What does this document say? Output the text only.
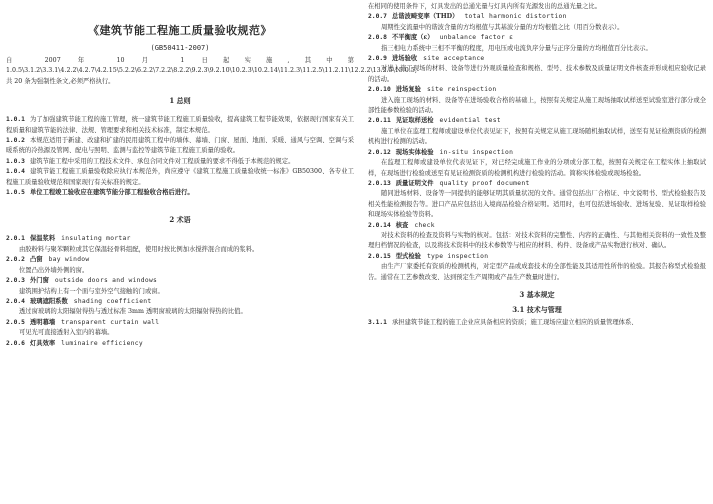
《建筑节能工程施工质量验收规范》
(GB50411-2007)

自 2007 年 10 月 1 日起实施,其中第 1.0.5\3.1.2\3.3.1\4.2.2\4.2.7\4.2.15\5.2.2\6.2.2\7.2.2\8.2.2\9.2.3\9.2.10\10.2.3\10.2.14\11.2.3\11.2.5\11.2.11\12.2.2\13.2.5\15.0.5, 共 20 条为强制性条文,必须严格执行。

1 总则

1.0.1 为了加强建筑节能工程的施工管理，统一建筑节能工程施工质量验收，提高建筑工程节能效果，依据现行国家有关工程质量和建筑节能的法律、法规、管理要求和相关技术标准，制定本规范。

1.0.2 本规范适用于新建、改建和扩建的民用建筑工程中的墙体、幕墙、门窗、屋面、地面、采暖、通风与空调、空调与采暖系统的冷热源及管网、配电与照明、监测与监控等建筑节能工程施工质量的验收。

1.0.3 建筑节能工程中采用的工程技术文件、承包合同文件对工程质量的要求不得低于本规范的规定。

1.0.4 建筑节能工程施工质量验收除应执行本规范外，尚应遵守《建筑工程施工质量验收统一标准》GB50300、各专业工程施工质量验收规范和国家现行有关标准的规定。

1.0.5 单位工程竣工验收应在建筑节能分部工程验收合格后进行。

2 术语

2.0.1 保温浆料 insulating mortar

由胶粉料与聚苯颗粒或其它保温轻骨料组配，使用时按比例加水搅拌混合而成的浆料。

2.0.2 凸窗 bay window

位置凸出外墙外侧的窗。

2.0.3 外门窗 outside doors and windows

建筑围护结构上有一个面与室外空气接触的门或窗。

2.0.4 玻璃遮阳系数 shading coefficient

透过窗玻璃的太阳辐射得热与透过标准 3mm 透明窗玻璃的太阳辐射得热的比值。

2.0.5 透明幕墙 transparent curtain wall

可见光可直接透射入室内的幕墙。

2.0.6 灯具效率 luminaire efficiency

在相同的使用条件下，灯具发出的总通光量与灯具内所有光源发出的总通光量之比。

2.0.7 总谐波畸变率（THD） total harmonic distortion

周期性交流量中的谐波含量的方均根值与其基波分量的方均根值之比（用百分数表示）。

2.0.8 不平衡度（ε） unbalance factor ε

指三相电力系统中三相不平衡的程度，用电压或电流负序分量与正序分量的方均根值百分比表示。

2.0.9 进场验收 site acceptance

对进入施工现场的材料、设备等进行外观质量检查和规格、型号、技术参数及质量证明文件核查并形成相应验收记录的活动。

2.0.10 进场复验 site reinspection

进入施工现场的材料、设备等在进场验收合格的基础上，按照有关规定从施工现场抽取试样送至试验室进行部分或全部性能参数检验的活动。

2.0.11 见证取样送检 evidential test

施工单位在监理工程师或建设单位代表见证下，按照有关规定从施工现场随机抽取试样，送至有见证检测资质的检测机构进行检测的活动。

2.0.12 现场实体检验 in-situ inspection

在监理工程师或建设单位代表见证下，对已经完成施工作业的分项或分部工程，按照有关规定在工程实体上抽取试样，在现场进行检验或送至有见证检测资质的检测机构进行检验的活动。简称实体检验或现场检验。

2.0.13 质量证明文件 quality proof document

随同进场材料、设备等一同提供的能够证明其质量状况的文件。通常包括出厂合格证、中文说明书、型式检验报告及相关性能检测报告等。进口产品应包括出入境商品检验合格证明。适用时，也可包括进场验收、进场复验、见证取样检验和现场实体检验等资料。

2.0.14 核查 check

对技术资料的检查及资料与实物的核对。包括：对技术资料的完整性、内容的正确性、与其他相关资料的一致性及整理归档情况的检查，以及将技术资料中的技术参数等与相应的材料、构件、设备或产品实物进行核对、确认。

2.0.15 型式检验 type inspection

由生产厂家委托有资质的检测机构，对定型产品或成套技术的全部性能及其适用性所作的检验。其报告称型式检验报告。通常在工艺参数改变、达到预定生产周期或产品生产数量时进行。

3 基本规定
3.1 技术与管理

3.1.1 承担建筑节能工程的施工企业应具备相应的资质；施工现场应建立相应的质量管理体系、
